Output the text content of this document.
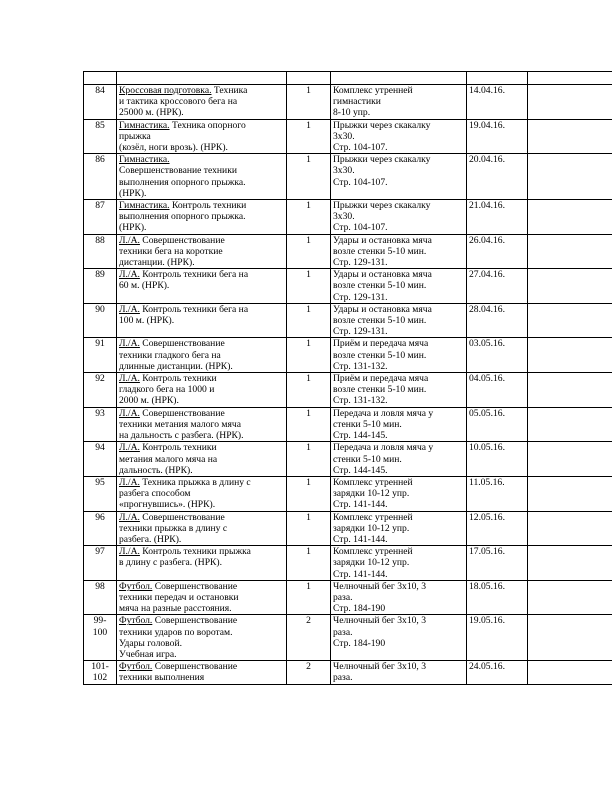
84	Кроссовая подготовка. Техника
и тактика кроссового бега на
25000 м. (НРК).	1	Комплекс утренней
гимнастики
8-10 упр.	14.04.16.	
85	Гимнастика. Техника опорного
прыжка
(козёл, ноги врозь). (НРК).	1	Прыжки через скакалку
3х30.
Стр. 104-107.	19.04.16.	
86	Гимнастика.
Совершенствование техники
выполнения опорного прыжка.
(НРК).	1	Прыжки через скакалку
3х30.
Стр. 104-107.	20.04.16.	
87	Гимнастика. Контроль техники
выполнения опорного прыжка.
(НРК).	1	Прыжки через скакалку
3х30.
Стр. 104-107.	21.04.16.	
88	Л./А. Совершенствование
техники бега на короткие
дистанции. (НРК).	1	Удары и остановка мяча
возле стенки 5-10 мин.
Стр. 129-131.	26.04.16.	
89	Л./А. Контроль техники бега на
60 м. (НРК).	1	Удары и остановка мяча
возле стенки 5-10 мин.
Стр. 129-131.	27.04.16.	
90	Л./А. Контроль техники бега на
100 м. (НРК).	1	Удары и остановка мяча
возле стенки 5-10 мин.
Стр. 129-131.	28.04.16.	
91	Л./А. Совершенствование
техники гладкого бега на
длинные дистанции. (НРК).	1	Приём и передача мяча
возле стенки 5-10 мин.
Стр. 131-132.	03.05.16.	
92	Л./А. Контроль техники
гладкого бега на 1000 и
2000 м. (НРК).	1	Приём и передача мяча
возле стенки 5-10 мин.
Стр. 131-132.	04.05.16.	
93	Л./А. Совершенствование
техники метания малого мяча
на дальность с разбега. (НРК).	1	Передача и ловля мяча у
стенки 5-10 мин.
Стр. 144-145.	05.05.16.	
94	Л./А. Контроль техники
метания малого мяча на
дальность. (НРК).	1	Передача и ловля мяча у
стенки 5-10 мин.
Стр. 144-145.	10.05.16.	
95	Л./А. Техника прыжка в длину с
разбега способом
«прогнувшись». (НРК).	1	Комплекс утренней
зарядки 10-12 упр.
Стр. 141-144.	11.05.16.	
96	Л./А. Совершенствование
техники прыжка в длину с
разбега. (НРК).	1	Комплекс утренней
зарядки 10-12 упр.
Стр. 141-144.	12.05.16.	
97	Л./А. Контроль техники прыжка
в длину с разбега. (НРК).	1	Комплекс утренней
зарядки 10-12 упр.
Стр. 141-144.	17.05.16.	
98	Футбол. Совершенствование
техники передач и остановки
мяча на разные расстояния.	1	Челночный бег 3х10, 3
раза.
Стр. 184-190	18.05.16.	
99-
100	Футбол. Совершенствование
техники ударов по воротам.
Удары головой.
Учебная игра.	2	Челночный бег 3х10, 3
раза.
Стр. 184-190	19.05.16.	
101-
102	Футбол. Совершенствование
техники выполнения	2	Челночный бег 3х10, 3
раза.	24.05.16.	
